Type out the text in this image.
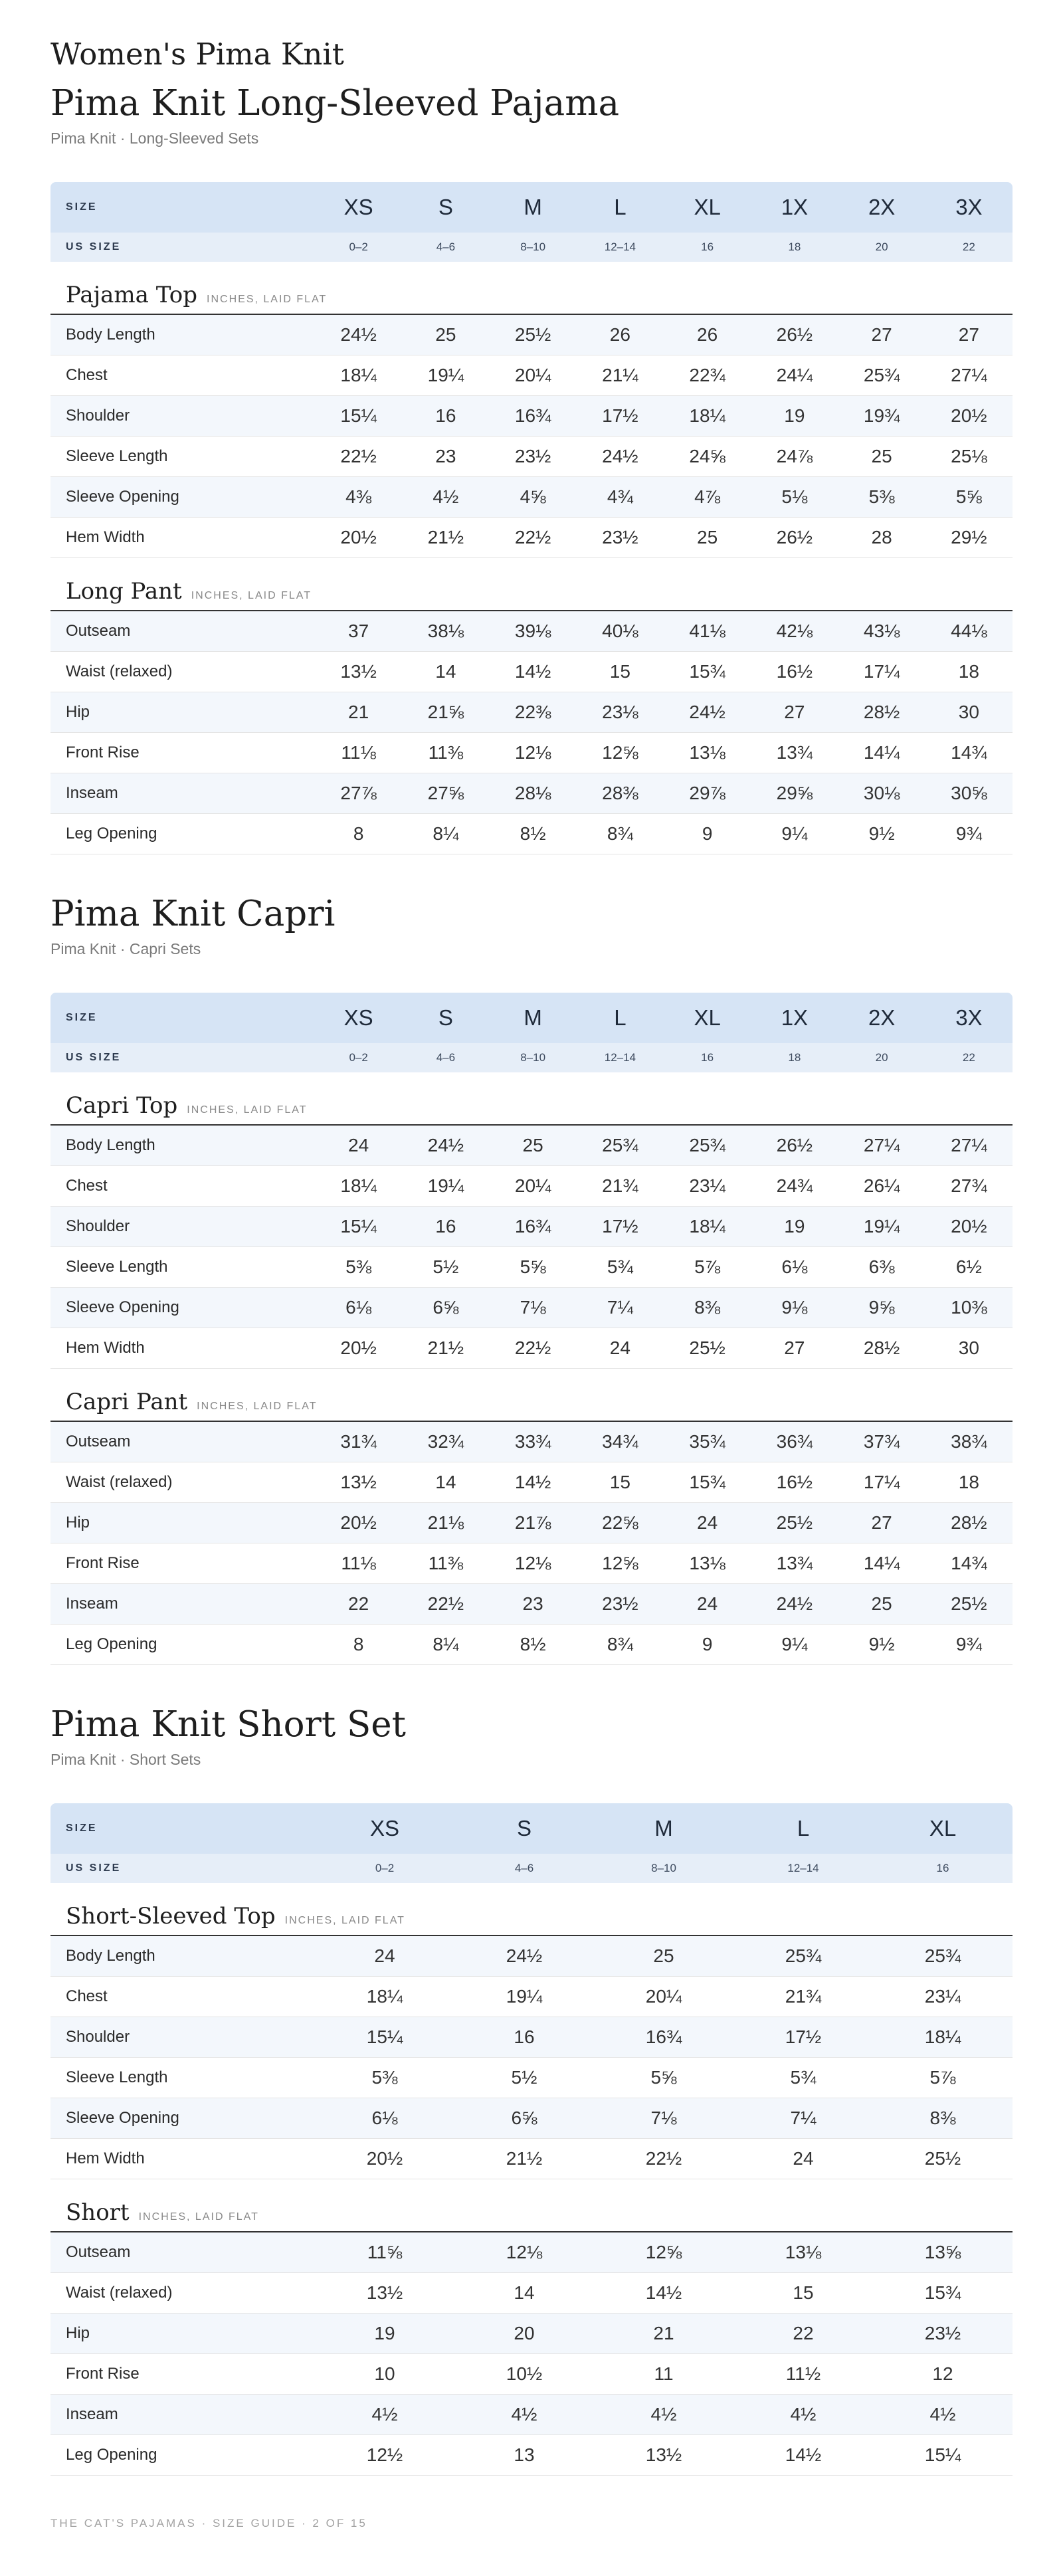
Women's Pima Knit
Pima Knit Long-Sleeved Pajama
Pima Knit · Long-Sleeved Sets
SIZE	XS	S	M	L	XL	1X	2X	3X
US SIZE	0–2	4–6	8–10	12–14	16	18	20	22
Pajama Top INCHES, LAID FLAT
Body Length	24½	25	25½	26	26	26½	27	27
Chest	18¼	19¼	20¼	21¼	22¾	24¼	25¾	27¼
Shoulder	15¼	16	16¾	17½	18¼	19	19¾	20½
Sleeve Length	22½	23	23½	24½	24⅝	24⅞	25	25⅛
Sleeve Opening	4⅜	4½	4⅝	4¾	4⅞	5⅛	5⅜	5⅝
Hem Width	20½	21½	22½	23½	25	26½	28	29½
Long Pant INCHES, LAID FLAT
Outseam	37	38⅛	39⅛	40⅛	41⅛	42⅛	43⅛	44⅛
Waist (relaxed)	13½	14	14½	15	15¾	16½	17¼	18
Hip	21	21⅝	22⅜	23⅛	24½	27	28½	30
Front Rise	11⅛	11⅜	12⅛	12⅝	13⅛	13¾	14¼	14¾
Inseam	27⅞	27⅝	28⅛	28⅜	29⅞	29⅝	30⅛	30⅝
Leg Opening	8	8¼	8½	8¾	9	9¼	9½	9¾
Pima Knit Capri
Pima Knit · Capri Sets
SIZE	XS	S	M	L	XL	1X	2X	3X
US SIZE	0–2	4–6	8–10	12–14	16	18	20	22
Capri Top INCHES, LAID FLAT
Body Length	24	24½	25	25¾	25¾	26½	27¼	27¼
Chest	18¼	19¼	20¼	21¾	23¼	24¾	26¼	27¾
Shoulder	15¼	16	16¾	17½	18¼	19	19¼	20½
Sleeve Length	5⅜	5½	5⅝	5¾	5⅞	6⅛	6⅜	6½
Sleeve Opening	6⅛	6⅝	7⅛	7¼	8⅜	9⅛	9⅝	10⅜
Hem Width	20½	21½	22½	24	25½	27	28½	30
Capri Pant INCHES, LAID FLAT
Outseam	31¾	32¾	33¾	34¾	35¾	36¾	37¾	38¾
Waist (relaxed)	13½	14	14½	15	15¾	16½	17¼	18
Hip	20½	21⅛	21⅞	22⅝	24	25½	27	28½
Front Rise	11⅛	11⅜	12⅛	12⅝	13⅛	13¾	14¼	14¾
Inseam	22	22½	23	23½	24	24½	25	25½
Leg Opening	8	8¼	8½	8¾	9	9¼	9½	9¾
Pima Knit Short Set
Pima Knit · Short Sets
SIZE	XS	S	M	L	XL
US SIZE	0–2	4–6	8–10	12–14	16
Short-Sleeved Top INCHES, LAID FLAT
Body Length	24	24½	25	25¾	25¾
Chest	18¼	19¼	20¼	21¾	23¼
Shoulder	15¼	16	16¾	17½	18¼
Sleeve Length	5⅜	5½	5⅝	5¾	5⅞
Sleeve Opening	6⅛	6⅝	7⅛	7¼	8⅜
Hem Width	20½	21½	22½	24	25½
Short INCHES, LAID FLAT
Outseam	11⅝	12⅛	12⅝	13⅛	13⅝
Waist (relaxed)	13½	14	14½	15	15¾
Hip	19	20	21	22	23½
Front Rise	10	10½	11	11½	12
Inseam	4½	4½	4½	4½	4½
Leg Opening	12½	13	13½	14½	15¼
THE CAT'S PAJAMAS · SIZE GUIDE · 2 OF 15
